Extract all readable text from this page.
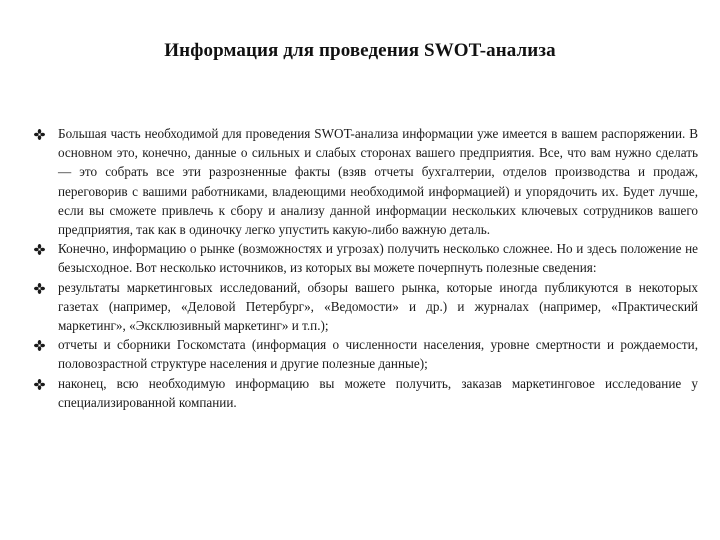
Информация для проведения SWOT-анализа
Большая часть необходимой для проведения SWOT-анализа информации уже имеется в вашем распоряжении. В основном это, конечно, данные о сильных и слабых сторонах вашего предприятия. Все, что вам нужно сделать — это собрать все эти разрозненные факты (взяв отчеты бухгалтерии, отделов производства и продаж, переговорив с вашими работниками, владеющими необходимой информацией) и упорядочить их. Будет лучше, если вы сможете привлечь к сбору и анализу данной информации нескольких ключевых сотрудников вашего предприятия, так как в одиночку легко упустить какую-либо важную деталь.
Конечно, информацию о рынке (возможностях и угрозах) получить несколько сложнее. Но и здесь положение не безысходное. Вот несколько источников, из которых вы можете почерпнуть полезные сведения:
результаты маркетинговых исследований, обзоры вашего рынка, которые иногда публикуются в некоторых газетах (например, «Деловой Петербург», «Ведомости» и др.) и журналах (например, «Практический маркетинг», «Эксклюзивный маркетинг» и т.п.);
отчеты и сборники Госкомстата (информация о численности населения, уровне смертности и рождаемости, половозрастной структуре населения и другие полезные данные);
наконец, всю необходимую информацию вы можете получить, заказав маркетинговое исследование у специализированной компании.
